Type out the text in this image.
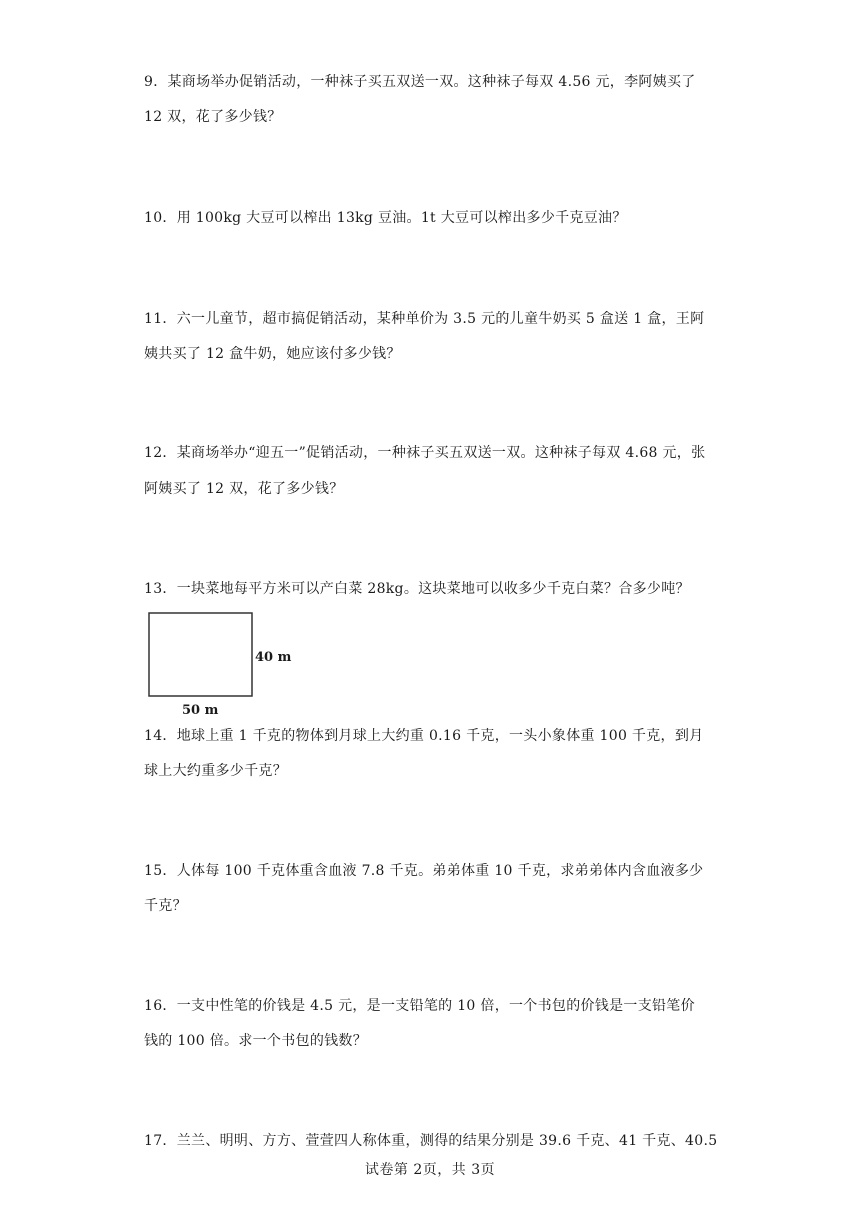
9．某商场举办促销活动，一种袜子买五双送一双。这种袜子每双 4.56 元，李阿姨买了
12 双，花了多少钱？
10．用 100kg 大豆可以榨出 13kg 豆油。1t 大豆可以榨出多少千克豆油？
11．六一儿童节，超市搞促销活动，某种单价为 3.5 元的儿童牛奶买 5 盒送 1 盒，王阿
姨共买了 12 盒牛奶，她应该付多少钱？
12．某商场举办“迎五一”促销活动，一种袜子买五双送一双。这种袜子每双 4.68 元，张
阿姨买了 12 双，花了多少钱？
13．一块菜地每平方米可以产白菜 28kg。这块菜地可以收多少千克白菜？合多少吨？
40 m
50 m
14．地球上重 1 千克的物体到月球上大约重 0.16 千克，一头小象体重 100 千克，到月
球上大约重多少千克？
15．人体每 100 千克体重含血液 7.8 千克。弟弟体重 10 千克，求弟弟体内含血液多少
千克？
16．一支中性笔的价钱是 4.5 元，是一支铅笔的 10 倍，一个书包的价钱是一支铅笔价
钱的 100 倍。求一个书包的钱数？
17．兰兰、明明、方方、萱萱四人称体重，测得的结果分别是 39.6 千克、41 千克、40.5
试卷第 2页，共 3页
